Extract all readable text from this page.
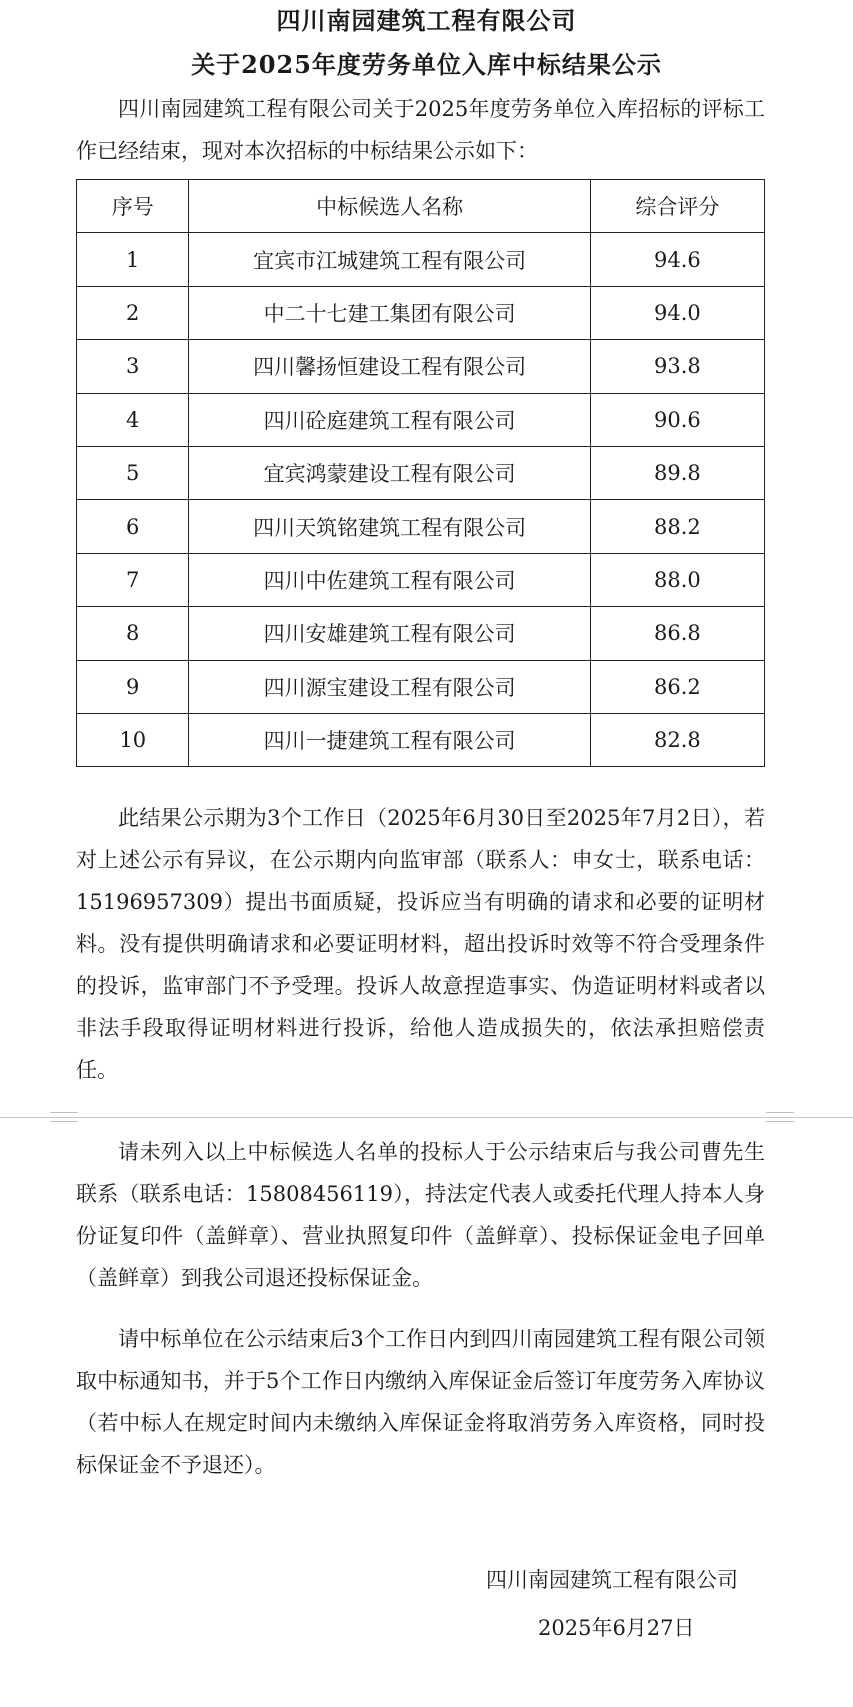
四川南园建筑工程有限公司
关于2025年度劳务单位入库中标结果公示

四川南园建筑工程有限公司关于2025年度劳务单位入库招标的评标工作已经结束，现对本次招标的中标结果公示如下：

序号	中标候选人名称	综合评分
1	宜宾市江城建筑工程有限公司	94.6
2	中二十七建工集团有限公司	94.0
3	四川馨扬恒建设工程有限公司	93.8
4	四川砼庭建筑工程有限公司	90.6
5	宜宾鸿蒙建设工程有限公司	89.8
6	四川天筑铭建筑工程有限公司	88.2
7	四川中佐建筑工程有限公司	88.0
8	四川安雄建筑工程有限公司	86.8
9	四川源宝建设工程有限公司	86.2
10	四川一捷建筑工程有限公司	82.8

此结果公示期为3个工作日（2025年6月30日至2025年7月2日），若对上述公示有异议，在公示期内向监审部（联系人：申女士，联系电话：15196957309）提出书面质疑，投诉应当有明确的请求和必要的证明材料。没有提供明确请求和必要证明材料，超出投诉时效等不符合受理条件的投诉，监审部门不予受理。投诉人故意捏造事实、伪造证明材料或者以非法手段取得证明材料进行投诉，给他人造成损失的，依法承担赔偿责任。

请未列入以上中标候选人名单的投标人于公示结束后与我公司曹先生联系（联系电话：15808456119），持法定代表人或委托代理人持本人身份证复印件（盖鲜章）、营业执照复印件（盖鲜章）、投标保证金电子回单（盖鲜章）到我公司退还投标保证金。

请中标单位在公示结束后3个工作日内到四川南园建筑工程有限公司领取中标通知书，并于5个工作日内缴纳入库保证金后签订年度劳务入库协议（若中标人在规定时间内未缴纳入库保证金将取消劳务入库资格，同时投标保证金不予退还）。

四川南园建筑工程有限公司
2025年6月27日
